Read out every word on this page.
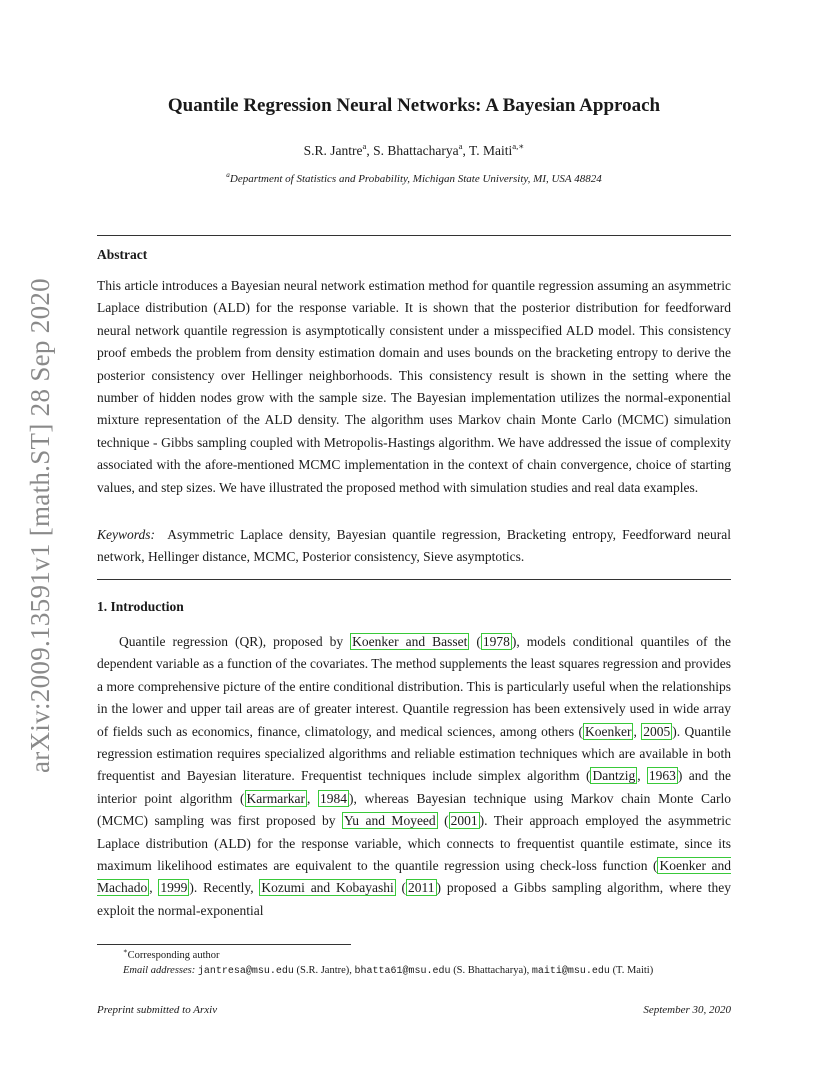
arXiv:2009.13591v1 [math.ST] 28 Sep 2020
Quantile Regression Neural Networks: A Bayesian Approach
S.R. Jantre$^a$, S. Bhattacharya$^a$, T. Maiti$^{a,∗}$
$^a$Department of Statistics and Probability, Michigan State University, MI, USA 48824
Abstract

This article introduces a Bayesian neural network estimation method for quantile regression assuming an asymmetric Laplace distribution (ALD) for the response variable. It is shown that the posterior distribution for feedforward neural network quantile regression is asymptotically consistent under a misspecified ALD model. This consistency proof embeds the problem from density estimation domain and uses bounds on the bracketing entropy to derive the posterior consistency over Hellinger neighborhoods. This consistency result is shown in the setting where the number of hidden nodes grow with the sample size. The Bayesian implementation utilizes the normal-exponential mixture representation of the ALD density. The algorithm uses Markov chain Monte Carlo (MCMC) simulation technique - Gibbs sampling coupled with Metropolis-Hastings algorithm. We have addressed the issue of complexity associated with the afore-mentioned MCMC implementation in the context of chain convergence, choice of starting values, and step sizes. We have illustrated the proposed method with simulation studies and real data examples.

Keywords: Asymmetric Laplace density, Bayesian quantile regression, Bracketing entropy, Feedforward neural network, Hellinger distance, MCMC, Posterior consistency, Sieve asymptotics.

1. Introduction

Quantile regression (QR), proposed by Koenker and Basset ( 1978 ), models conditional quantiles of the dependent variable as a function of the covariates. The method supplements the least squares regression and provides a more comprehensive picture of the entire conditional distribution. This is particularly useful when the relationships in the lower and upper tail areas are of greater interest. Quantile regression has been extensively used in wide array of fields such as economics, finance, climatology, and medical sciences, among others ( Koenker , 2005 ). Quantile regression estimation requires specialized algorithms and reliable estimation techniques which are available in both frequentist and Bayesian literature. Frequentist techniques include simplex algorithm ( Dantzig , 1963 ) and the interior point algorithm ( Karmarkar , 1984 ), whereas Bayesian technique using Markov chain Monte Carlo (MCMC) sampling was first proposed by Yu and Moyeed ( 2001 ). Their approach employed the asymmetric Laplace distribution (ALD) for the response variable, which connects to frequentist quantile estimate, since its maximum likelihood estimates are equivalent to the quantile regression using check-loss function ( Koenker and Machado , 1999 ). Recently, Kozumi and Kobayashi ( 2011 ) proposed a Gibbs sampling algorithm, where they exploit the normal-exponential

∗Corresponding author
Email addresses: jantresa@msu.edu (S.R. Jantre), bhatta61@msu.edu (S. Bhattacharya), maiti@msu.edu (T. Maiti)
Preprint submitted to Arxiv	September 30, 2020
